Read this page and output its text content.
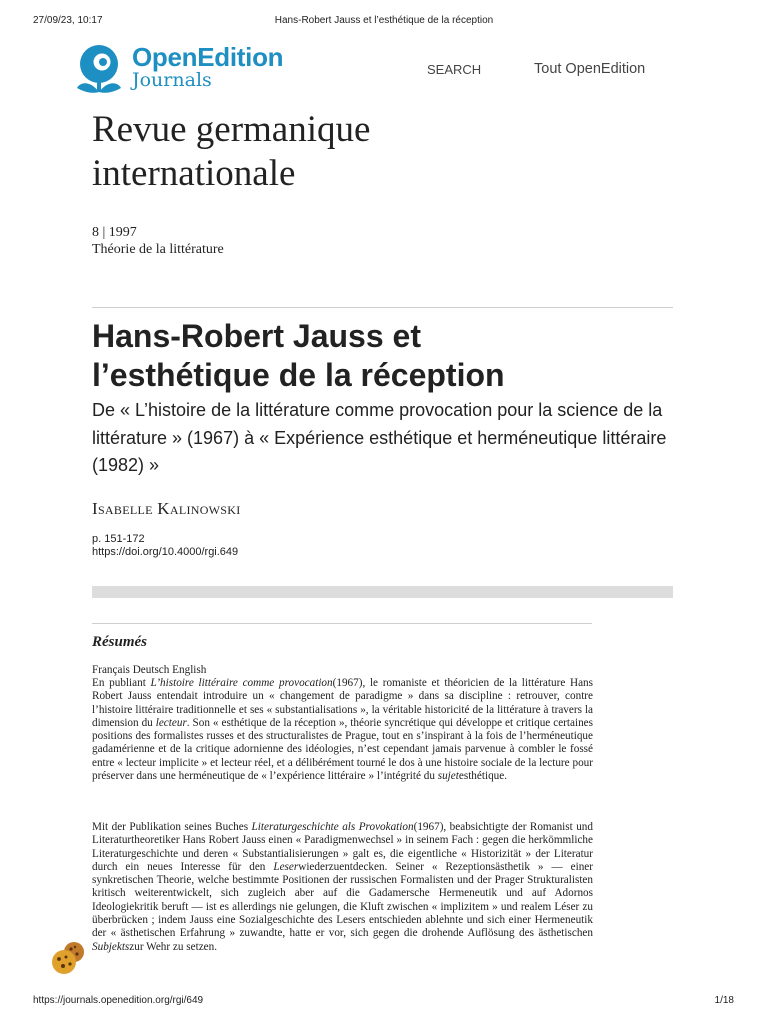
27/09/23, 10:17	Hans-Robert Jauss et l’esthétique de la réception
OpenEdition
Journals	SEARCH	Tout OpenEdition
Revue germanique
internationale
8 | 1997
Théorie de la littérature
Hans-Robert Jauss et
l’esthétique de la réception

De « L’histoire de la littérature comme provocation pour la science de la littérature » (1967) à « Expérience esthétique et herméneutique littéraire (1982) »

Isabelle Kalinowski
p. 151-172
https://doi.org/10.4000/rgi.649
Résumés
Français Deutsch English

En publiant L’histoire littéraire comme provocation(1967), le romaniste et théoricien de la littérature Hans Robert Jauss entendait introduire un « changement de paradigme » dans sa discipline : retrouver, contre l’histoire littéraire traditionnelle et ses « substantialisations », la véritable historicité de la littérature à travers la dimension du lecteur. Son « esthétique de la réception », théorie syncrétique qui développe et critique certaines positions des formalistes russes et des structuralistes de Prague, tout en s’inspirant à la fois de l’herméneutique gadamérienne et de la critique adornienne des idéologies, n’est cependant jamais parvenue à combler le fossé entre « lecteur implicite » et lecteur réel, et a délibérément tourné le dos à une histoire sociale de la lecture pour préserver dans une herméneutique de « l’expérience littéraire » l’intégrité du sujetesthétique.

Mit der Publikation seines Buches Literaturgeschichte als Provokation(1967), beabsichtigte der Romanist und Literaturtheoretiker Hans Robert Jauss einen « Paradigmenwechsel » in seinem Fach : gegen die herkömmliche Literaturgeschichte und deren « Substantialisierungen » galt es, die eigentliche « Historizität » der Literatur durch ein neues Interesse für den Leserwiederzuentdecken. Seiner « Rezeptionsästhetik » — einer synkretischen Theorie, welche bestimmte Positionen der russischen Formalisten und der Prager Strukturalisten kritisch weiterentwickelt, sich zugleich aber auf die Gadamersche Hermeneutik und auf Adornos Ideologiekritik beruft — ist es allerdings nie gelungen, die Kluft zwischen « implizitem » und realem Léser zu überbrücken ; indem Jauss eine Sozialgeschichte des Lesers entschieden ablehnte und sich einer Hermeneutik der « ästhetischen Erfahrung » zuwandte, hatte er vor, sich gegen die drohende Auflösung des ästhetischen Subjektszur Wehr zu setzen.

https://journals.openedition.org/rgi/649	1/18
